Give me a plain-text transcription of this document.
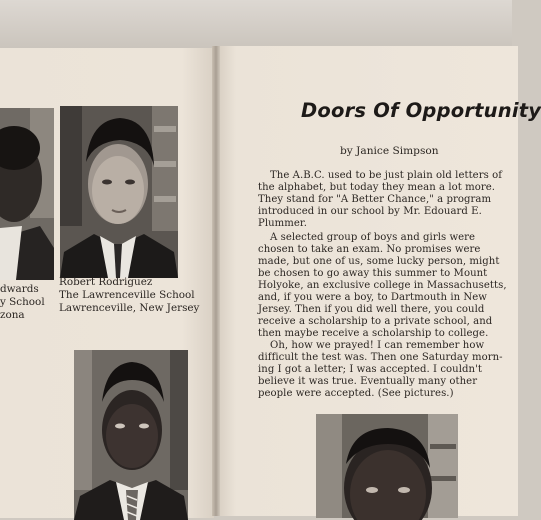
dwards
y School
zona
Robert Rodriguez
The Lawrenceville School
Lawrenceville, New Jersey
Doors Of Opportunity
by Janice Simpson
The A.B.C. used to be just plain old letters of
the alphabet, but today they mean a lot more.
They stand for "A Better Chance," a program
introduced in our school by Mr. Edouard E.
Plummer.
A selected group of boys and girls were
chosen to take an exam. No promises were
made, but one of us, some lucky person, might
be chosen to go away this summer to Mount
Holyoke, an exclusive college in Massachusetts,
and, if you were a boy, to Dartmouth in New
Jersey. Then if you did well there, you could
receive a scholarship to a private school, and
then maybe receive a scholarship to college.
Oh, how we prayed! I can remember how
difficult the test was. Then one Saturday morn-
ing I got a letter; I was accepted. I couldn't
believe it was true. Eventually many other
people were accepted. (See pictures.)
